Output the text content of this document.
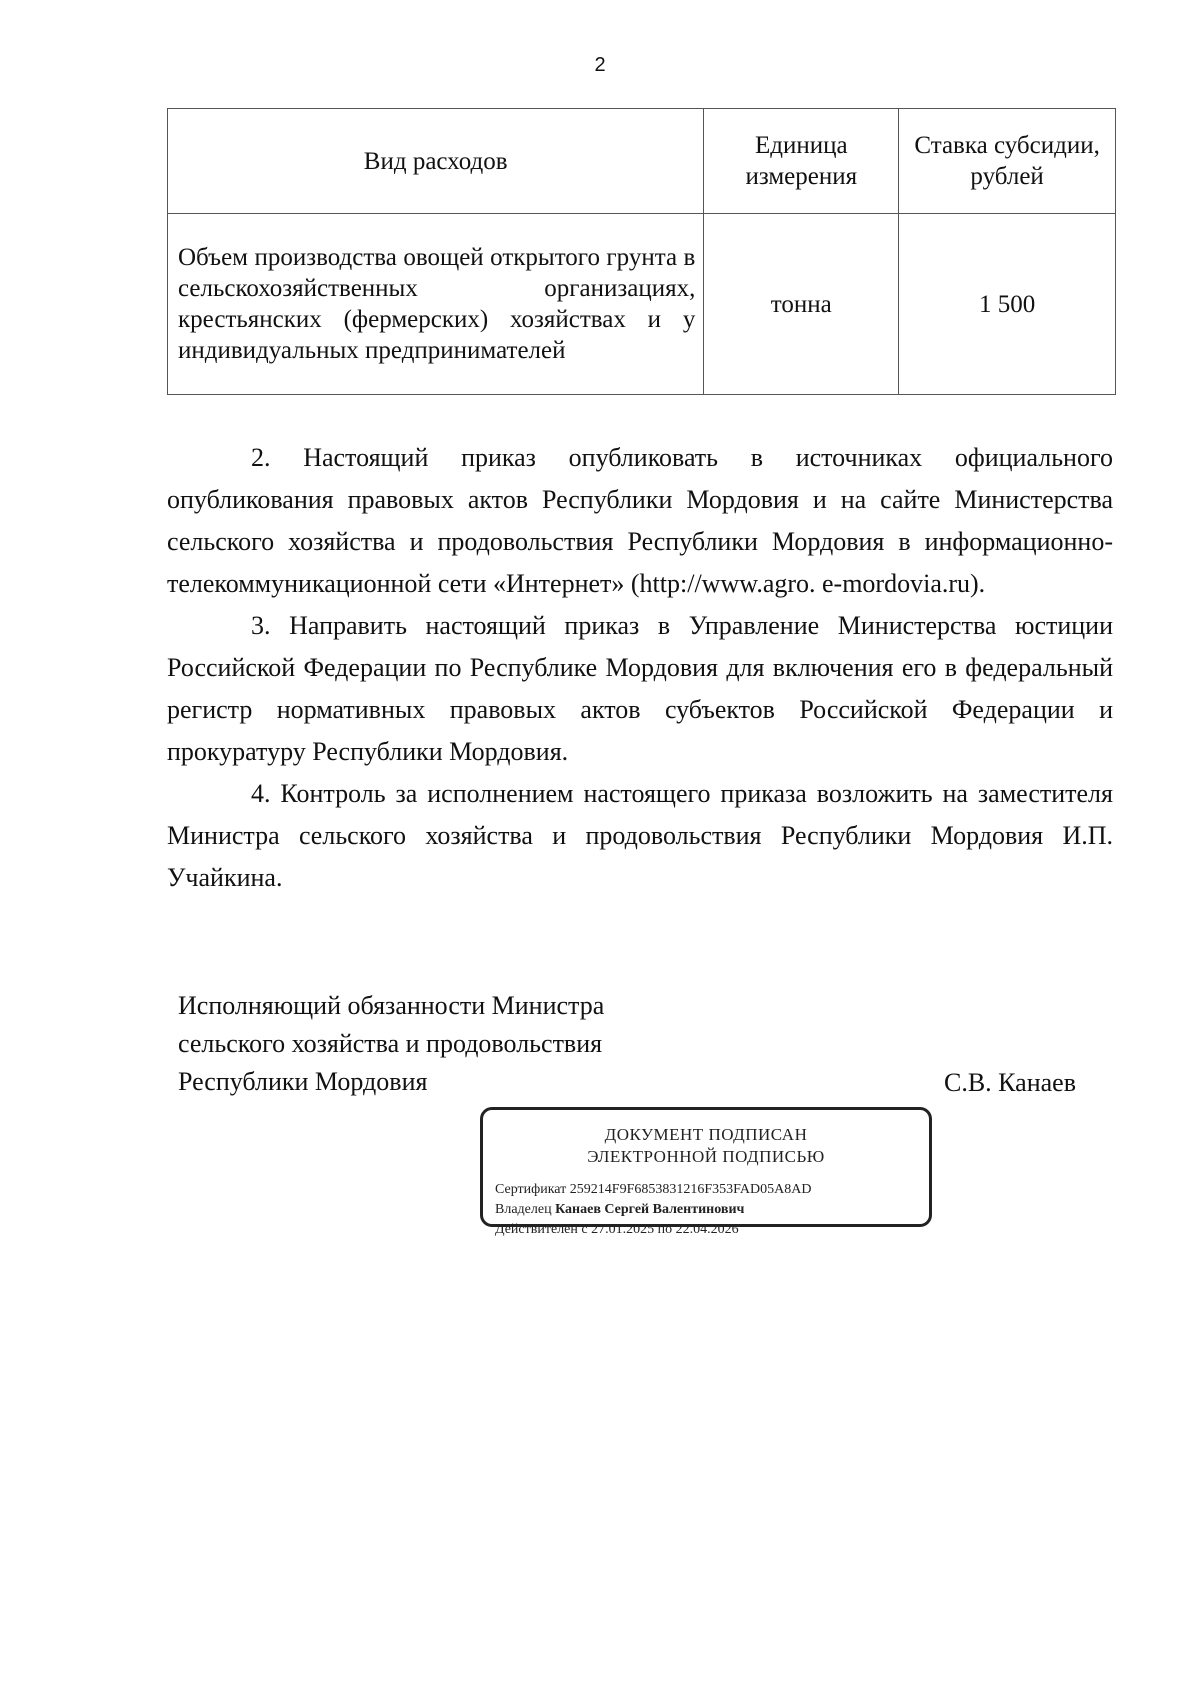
2
Вид расходов	Единица измерения	Ставка субсидии, рублей
Объем производства овощей открытого грунта в сельскохозяйственных организациях, крестьянских (фермерских) хозяйствах и у индивидуальных предпринимателей	тонна	1 500

2. Настоящий приказ опубликовать в источниках официального опубликования правовых актов Республики Мордовия и на сайте Министерства сельского хозяйства и продовольствия Республики Мордовия в информационно-телекоммуникационной сети «Интернет» (http://www.agro. e-mordovia.ru).

3. Направить настоящий приказ в Управление Министерства юстиции Российской Федерации по Республике Мордовия для включения его в федеральный регистр нормативных правовых актов субъектов Российской Федерации и прокуратуру Республики Мордовия.

4. Контроль за исполнением настоящего приказа возложить на заместителя Министра сельского хозяйства и продовольствия Республики Мордовия И.П. Учайкина.

Исполняющий обязанности Министра
сельского хозяйства и продовольствия
Республики Мордовия	С.В. Канаев
ДОКУМЕНТ ПОДПИСАН
ЭЛЕКТРОННОЙ ПОДПИСЬЮ
Сертификат 259214F9F6853831216F353FAD05A8AD
Владелец Канаев Сергей Валентинович
Действителен с 27.01.2025 по 22.04.2026
